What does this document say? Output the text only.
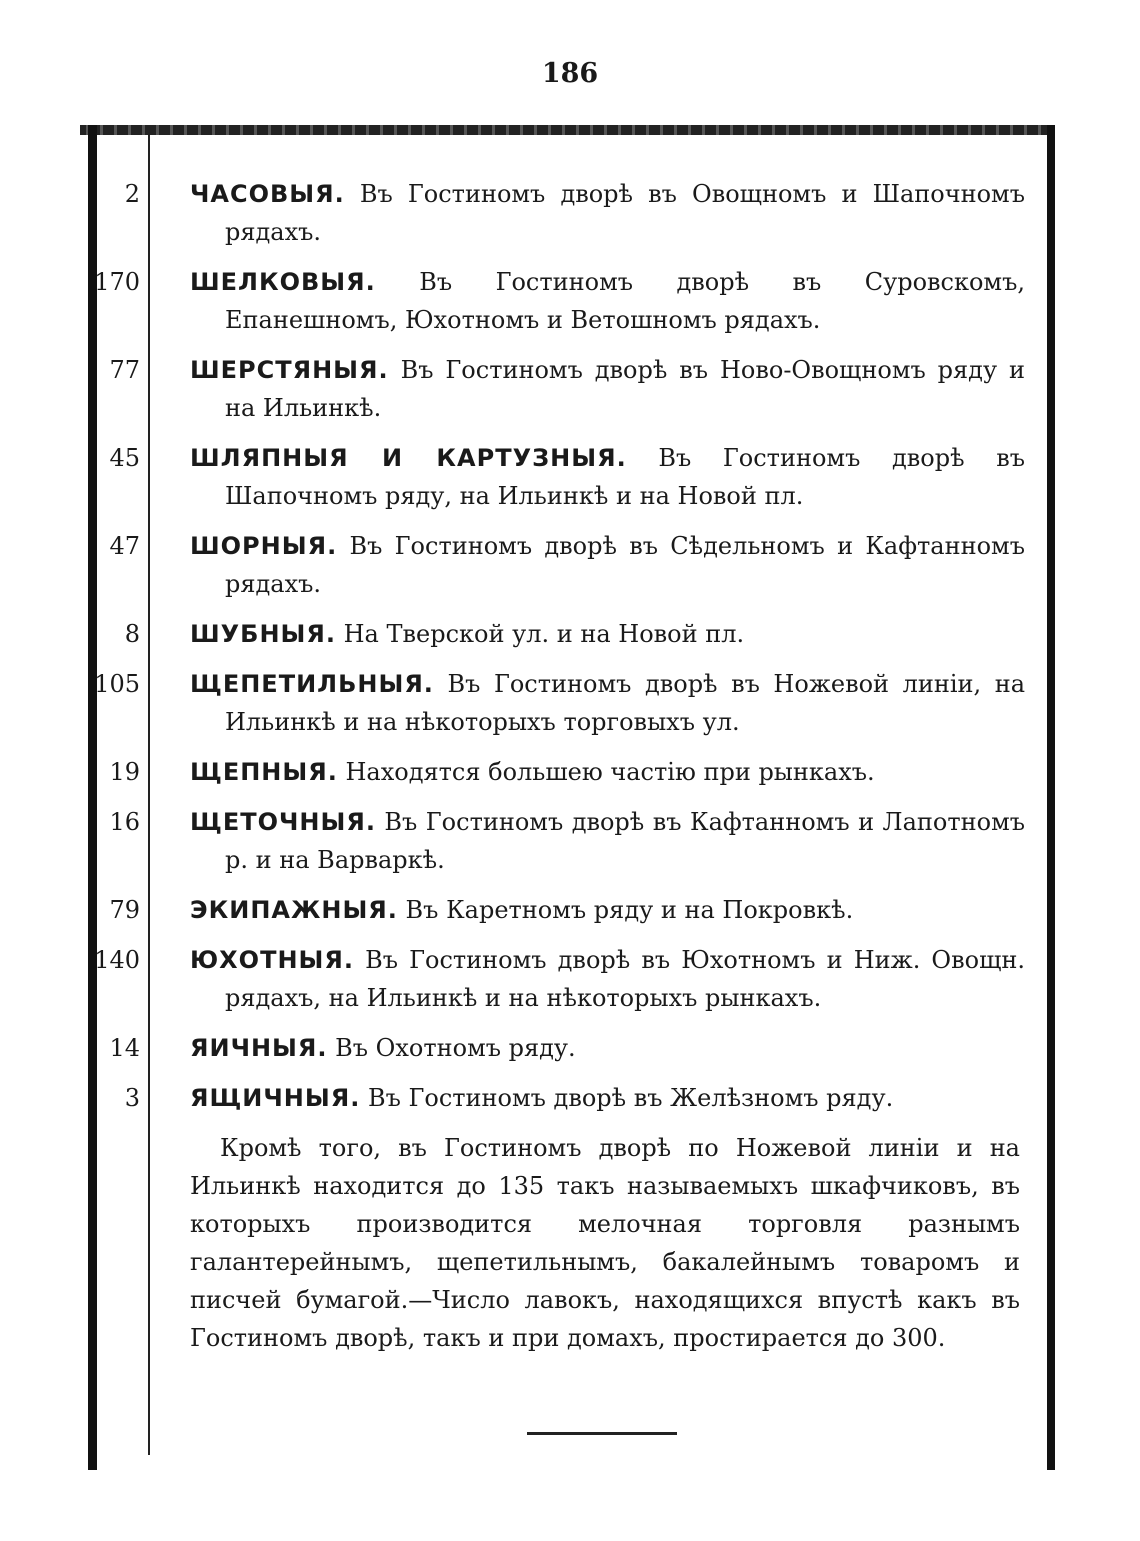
186
2 ЧАСОВЫЯ. Въ Гостиномъ дворѣ въ Овощномъ и Шапочномъ рядахъ.
170 ШЕЛКОВЫЯ. Въ Гостиномъ дворѣ въ Суровскомъ, Епанешномъ, Юхотномъ и Ветошномъ рядахъ.
77 ШЕРСТЯНЫЯ. Въ Гостиномъ дворѣ въ Ново-Овощномъ ряду и на Ильинкѣ.
45 ШЛЯПНЫЯ И КАРТУЗНЫЯ. Въ Гостиномъ дворѣ въ Шапочномъ ряду, на Ильинкѣ и на Новой пл.
47 ШОРНЫЯ. Въ Гостиномъ дворѣ въ Сѣдельномъ и Кафтанномъ рядахъ.
8 ШУБНЫЯ. На Тверской ул. и на Новой пл.
105 ЩЕПЕТИЛЬНЫЯ. Въ Гостиномъ дворѣ въ Ножевой линіи, на Ильинкѣ и на нѣкоторыхъ торговыхъ ул.
19 ЩЕПНЫЯ. Находятся большею частію при рынкахъ.
16 ЩЕТОЧНЫЯ. Въ Гостиномъ дворѣ въ Кафтанномъ и Лапотномъ р. и на Варваркѣ.
79 ЭКИПАЖНЫЯ. Въ Каретномъ ряду и на Покровкѣ.
140 ЮХОТНЫЯ. Въ Гостиномъ дворѣ въ Юхотномъ и Ниж. Овощн. рядахъ, на Ильинкѣ и на нѣкоторыхъ рынкахъ.
14 ЯИЧНЫЯ. Въ Охотномъ ряду.
3 ЯЩИЧНЫЯ. Въ Гостиномъ дворѣ въ Желѣзномъ ряду.
Кромѣ того, въ Гостиномъ дворѣ по Ножевой линіи и на Ильинкѣ находится до 135 такъ называемыхъ шкафчиковъ, въ которыхъ производится мелочная торговля разнымъ галантерейнымъ, щепетильнымъ, бакалейнымъ товаромъ и писчей бумагой.—Число лавокъ, находящихся впустѣ какъ въ Гостиномъ дворѣ, такъ и при домахъ, простирается до 300.
